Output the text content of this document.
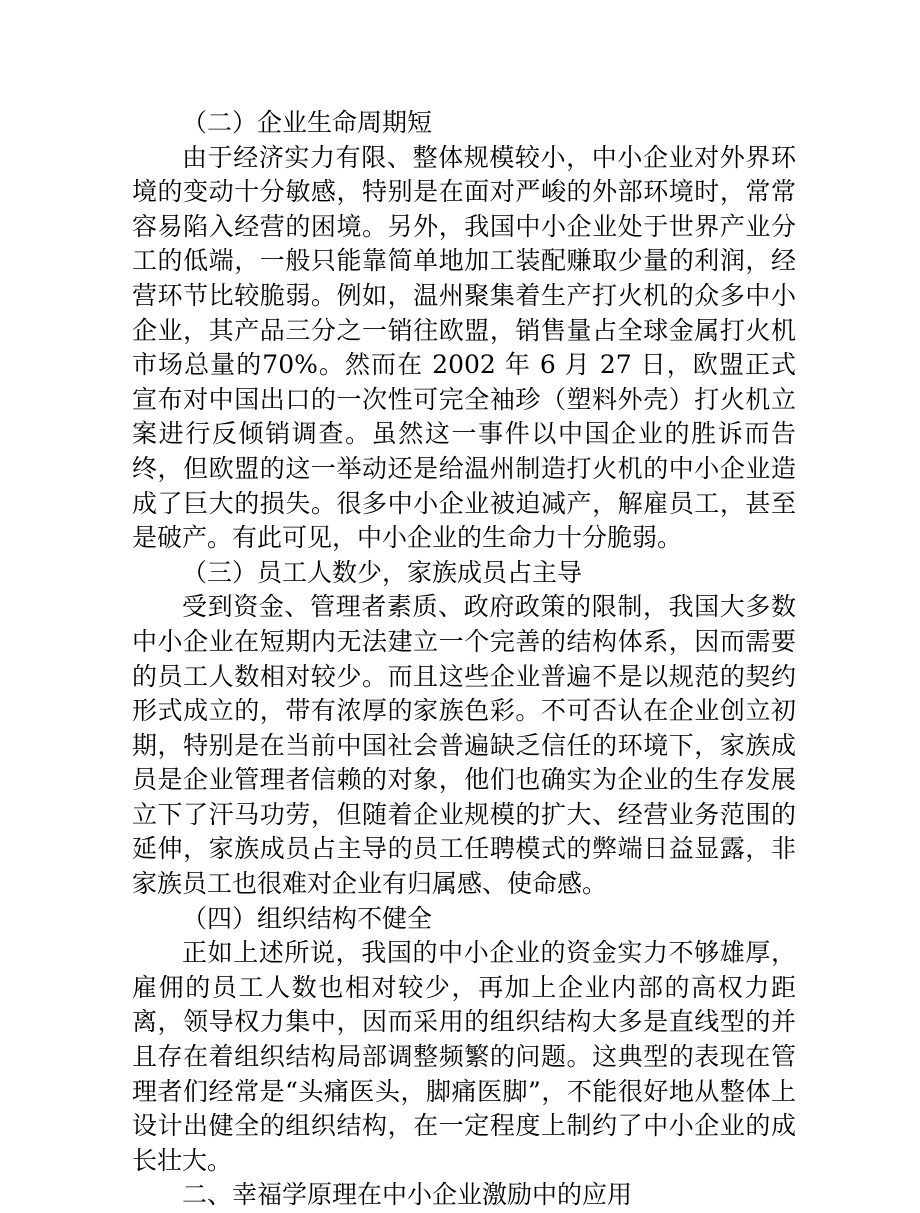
（二）企业生命周期短

由于经济实力有限、整体规模较小，中小企业对外界环境的变动十分敏感，特别是在面对严峻的外部环境时，常常容易陷入经营的困境。另外，我国中小企业处于世界产业分工的低端，一般只能靠简单地加工装配赚取少量的利润，经营环节比较脆弱。例如，温州聚集着生产打火机的众多中小企业，其产品三分之一销往欧盟，销售量占全球金属打火机市场总量的70%。然而在 2002 年 6 月 27 日，欧盟正式宣布对中国出口的一次性可完全袖珍（塑料外壳）打火机立案进行反倾销调查。虽然这一事件以中国企业的胜诉而告终，但欧盟的这一举动还是给温州制造打火机的中小企业造成了巨大的损失。很多中小企业被迫减产，解雇员工，甚至是破产。有此可见，中小企业的生命力十分脆弱。

（三）员工人数少，家族成员占主导

受到资金、管理者素质、政府政策的限制，我国大多数中小企业在短期内无法建立一个完善的结构体系，因而需要的员工人数相对较少。而且这些企业普遍不是以规范的契约形式成立的，带有浓厚的家族色彩。不可否认在企业创立初期，特别是在当前中国社会普遍缺乏信任的环境下，家族成员是企业管理者信赖的对象，他们也确实为企业的生存发展立下了汗马功劳，但随着企业规模的扩大、经营业务范围的延伸，家族成员占主导的员工任聘模式的弊端日益显露，非家族员工也很难对企业有归属感、使命感。

（四）组织结构不健全

正如上述所说，我国的中小企业的资金实力不够雄厚，雇佣的员工人数也相对较少，再加上企业内部的高权力距离，领导权力集中，因而采用的组织结构大多是直线型的并且存在着组织结构局部调整频繁的问题。这典型的表现在管理者们经常是“头痛医头，脚痛医脚”，不能很好地从整体上设计出健全的组织结构，在一定程度上制约了中小企业的成长壮大。

二、幸福学原理在中小企业激励中的应用
